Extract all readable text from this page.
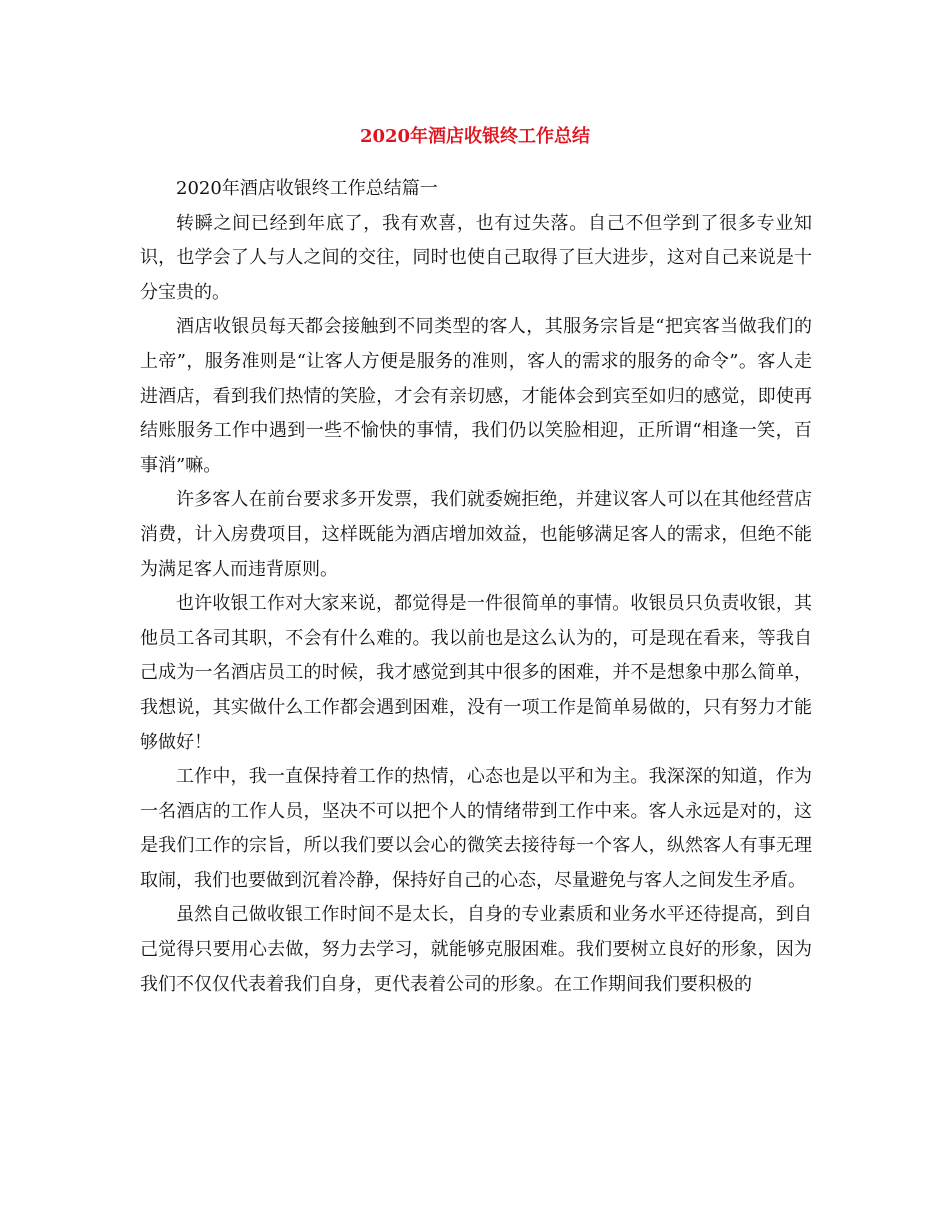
2020年酒店收银终工作总结

2020年酒店收银终工作总结篇一

转瞬之间已经到年底了，我有欢喜，也有过失落。自己不但学到了很多专业知识，也学会了人与人之间的交往，同时也使自己取得了巨大进步，这对自己来说是十分宝贵的。

酒店收银员每天都会接触到不同类型的客人，其服务宗旨是“把宾客当做我们的上帝”，服务准则是“让客人方便是服务的准则，客人的需求的服务的命令”。客人走进酒店，看到我们热情的笑脸，才会有亲切感，才能体会到宾至如归的感觉，即使再结账服务工作中遇到一些不愉快的事情，我们仍以笑脸相迎，正所谓“相逢一笑，百事消”嘛。

许多客人在前台要求多开发票，我们就委婉拒绝，并建议客人可以在其他经营店消费，计入房费项目，这样既能为酒店增加效益，也能够满足客人的需求，但绝不能为满足客人而违背原则。

也许收银工作对大家来说，都觉得是一件很简单的事情。收银员只负责收银，其他员工各司其职，不会有什么难的。我以前也是这么认为的，可是现在看来，等我自己成为一名酒店员工的时候，我才感觉到其中很多的困难，并不是想象中那么简单，我想说，其实做什么工作都会遇到困难，没有一项工作是简单易做的，只有努力才能够做好！

工作中，我一直保持着工作的热情，心态也是以平和为主。我深深的知道，作为一名酒店的工作人员，坚决不可以把个人的情绪带到工作中来。客人永远是对的，这是我们工作的宗旨，所以我们要以会心的微笑去接待每一个客人，纵然客人有事无理取闹，我们也要做到沉着冷静，保持好自己的心态，尽量避免与客人之间发生矛盾。

虽然自己做收银工作时间不是太长，自身的专业素质和业务水平还待提高，到自己觉得只要用心去做，努力去学习，就能够克服困难。我们要树立良好的形象，因为我们不仅仅代表着我们自身，更代表着公司的形象。在工作期间我们要积极的
